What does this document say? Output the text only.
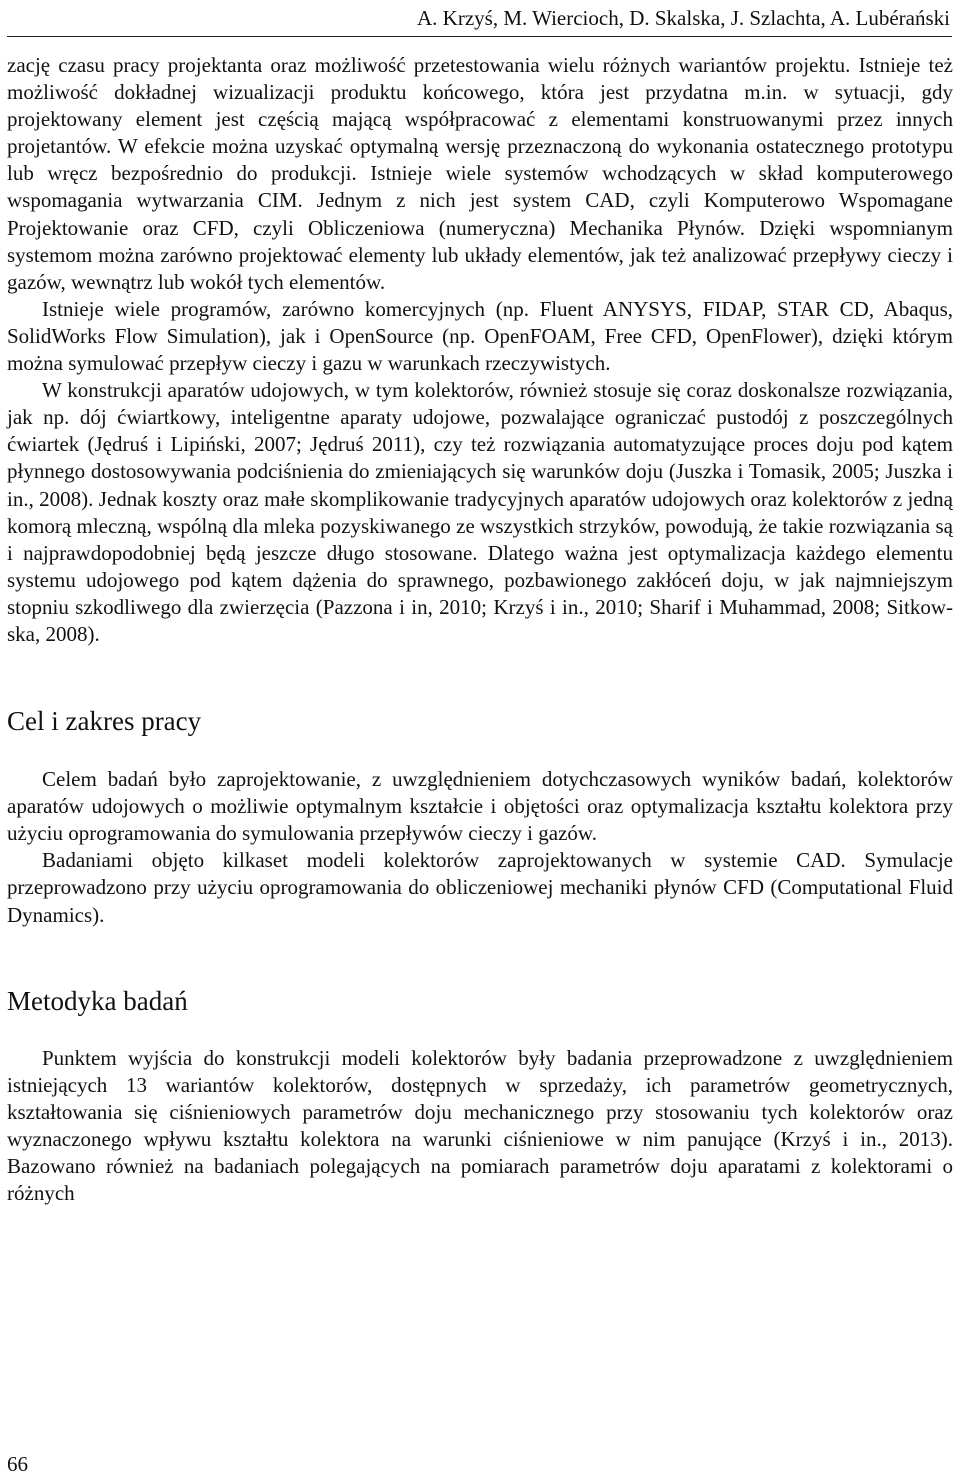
A. Krzyś, M. Wiercioch, D. Skalska, J. Szlachta, A. Lubérański

zację czasu pracy projektanta oraz możliwość przetestowania wielu różnych wariantów projektu. Istnieje też możliwość dokładnej wizualizacji produktu końcowego, która jest przydatna m.in. w sytuacji, gdy projektowany element jest częścią mającą współpracować z elementami konstruowanymi przez innych projetantów. W efekcie można uzyskać optymalną wersję przeznaczoną do wykonania ostatecznego prototypu lub wręcz bezpośrednio do produkcji. Istnieje wiele systemów wchodzących w skład komputerowego wspomagania wytwarzania CIM. Jednym z nich jest system CAD, czyli Komputerowo Wspomagane Projektowanie oraz CFD, czyli Obliczeniowa (numeryczna) Mechanika Płynów. Dzięki wspomnianym systemom można zarówno projektować elementy lub układy elementów, jak też analizować przepływy cieczy i gazów, wewnątrz lub wokół tych elementów.

Istnieje wiele programów, zarówno komercyjnych (np. Fluent ANYSYS, FIDAP, STAR CD, Abaqus, SolidWorks Flow Simulation), jak i OpenSource (np. OpenFOAM, Free CFD, OpenFlower), dzięki którym można symulować przepływ cieczy i gazu w warunkach rzeczywistych.

W konstrukcji aparatów udojowych, w tym kolektorów, również stosuje się coraz doskonalsze rozwiązania, jak np. dój ćwiartkowy, inteligentne aparaty udojowe, pozwalające ograniczać pustodój z poszczególnych ćwiartek (Jędruś i Lipiński, 2007; Jędruś 2011), czy też rozwiązania automatyzujące proces doju pod kątem płynnego dostosowywania podciśnienia do zmieniających się warunków doju (Juszka i Tomasik, 2005; Juszka i in., 2008). Jednak koszty oraz małe skomplikowanie tradycyjnych aparatów udojowych oraz kolektorów z jedną komorą mleczną, wspólną dla mleka pozyskiwanego ze wszystkich strzyków, powodują, że takie rozwiązania są i najprawdopodobniej będą jeszcze długo stosowane. Dlatego ważna jest optymalizacja każdego elementu systemu udojowego pod kątem dążenia do sprawnego, pozbawionego zakłóceń doju, w jak najmniejszym stopniu szkodliwego dla zwierzęcia (Pazzona i in, 2010; Krzyś i in., 2010; Sharif i Muhammad, 2008; Sitkowska, 2008).

Cel i zakres pracy

Celem badań było zaprojektowanie, z uwzględnieniem dotychczasowych wyników badań, kolektorów aparatów udojowych o możliwie optymalnym kształcie i objętości oraz optymalizacja kształtu kolektora przy użyciu oprogramowania do symulowania przepływów cieczy i gazów.

Badaniami objęto kilkaset modeli kolektorów zaprojektowanych w systemie CAD. Symulacje przeprowadzono przy użyciu oprogramowania do obliczeniowej mechaniki płynów CFD (Computational Fluid Dynamics).

Metodyka badań

Punktem wyjścia do konstrukcji modeli kolektorów były badania przeprowadzone z uwzględnieniem istniejących 13 wariantów kolektorów, dostępnych w sprzedaży, ich parametrów geometrycznych, kształtowania się ciśnieniowych parametrów doju mechanicznego przy stosowaniu tych kolektorów oraz wyznaczonego wpływu kształtu kolektora na warunki ciśnieniowe w nim panujące (Krzyś i in., 2013). Bazowano również na badaniach polegających na pomiarach parametrów doju aparatami z kolektorami o różnych

66
